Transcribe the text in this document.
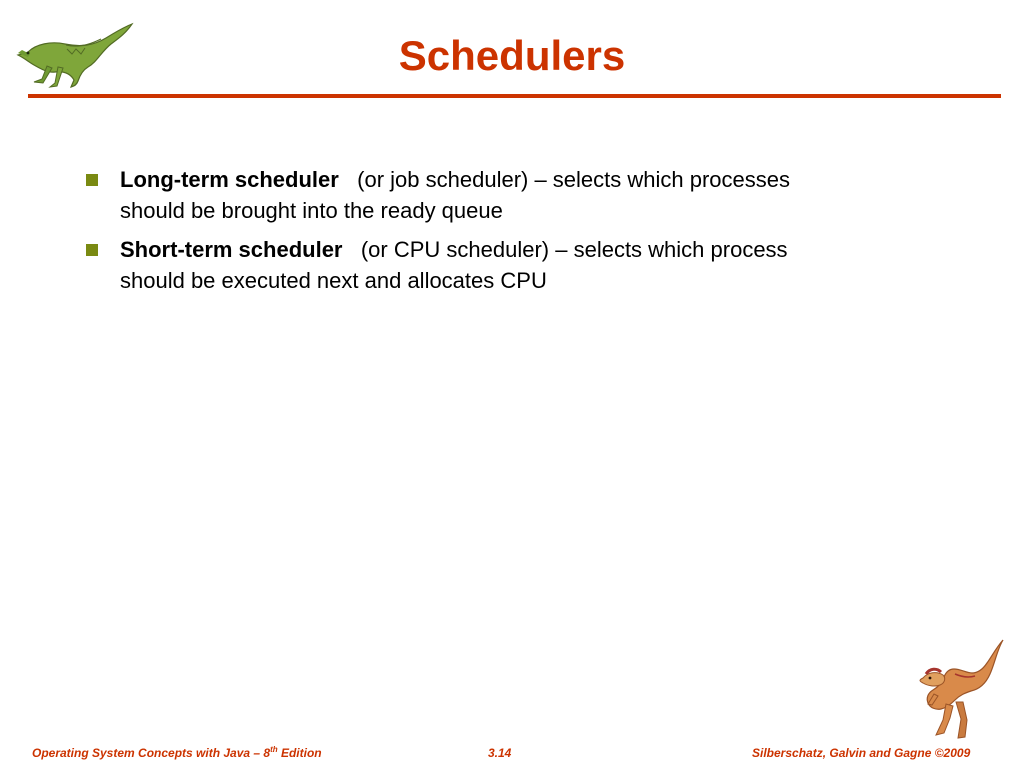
Schedulers
Long-term scheduler (or job scheduler) – selects which processes should be brought into the ready queue
Short-term scheduler (or CPU scheduler) – selects which process should be executed next and allocates CPU
Operating System Concepts with Java – 8th Edition	3.14	Silberschatz, Galvin and Gagne ©2009
